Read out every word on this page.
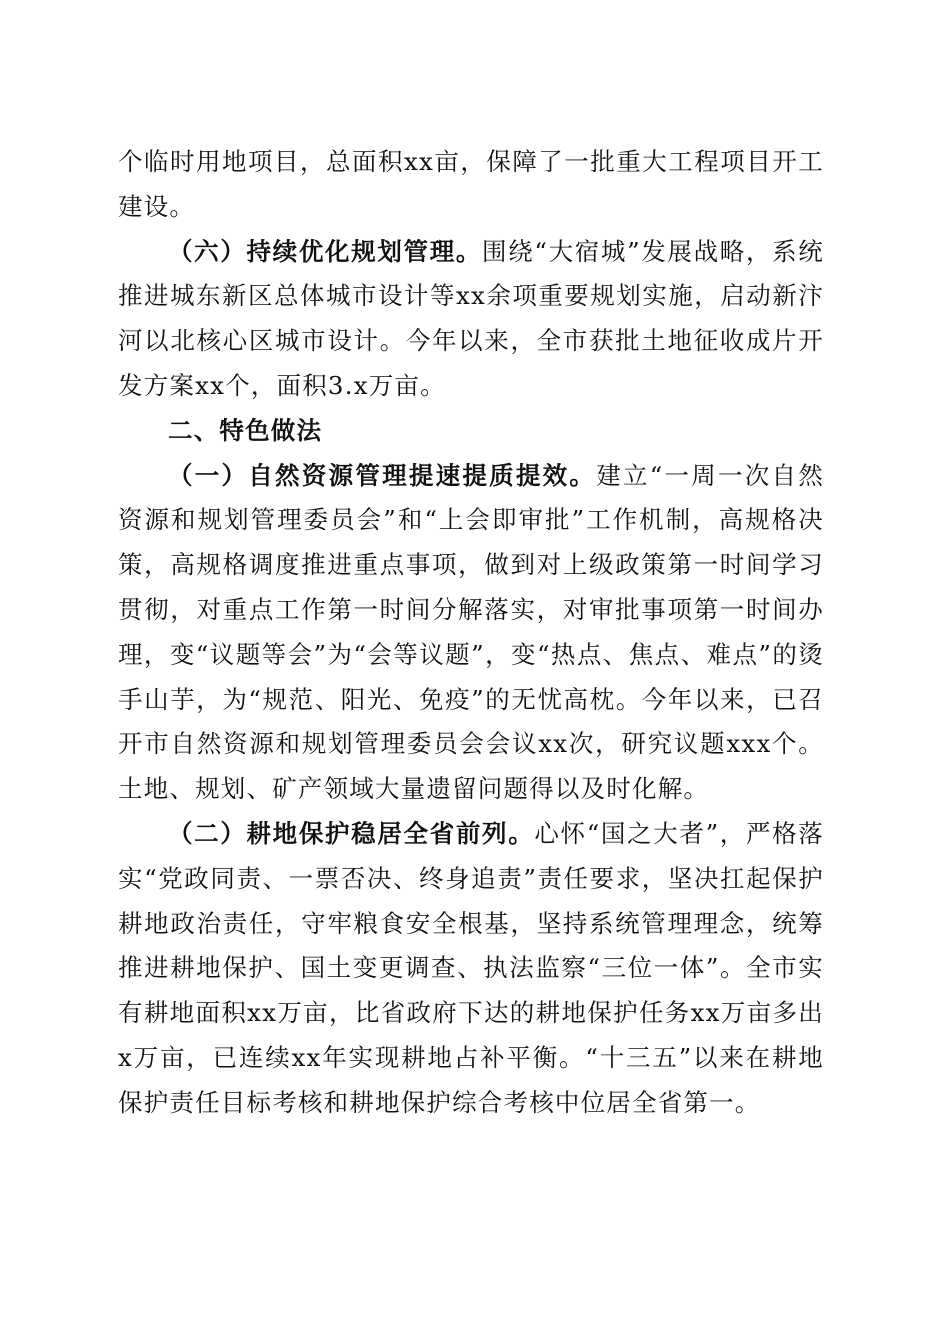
个临时用地项目，总面积xx亩，保障了一批重大工程项目开工建设。

（六）持续优化规划管理。围绕“大宿城”发展战略，系统推进城东新区总体城市设计等xx余项重要规划实施，启动新汴河以北核心区城市设计。今年以来，全市获批土地征收成片开发方案xx个，面积3.x万亩。

二、特色做法

（一）自然资源管理提速提质提效。建立“一周一次自然资源和规划管理委员会”和“上会即审批”工作机制，高规格决策，高规格调度推进重点事项，做到对上级政策第一时间学习贯彻，对重点工作第一时间分解落实，对审批事项第一时间办理，变“议题等会”为“会等议题”，变“热点、焦点、难点”的烫手山芋，为“规范、阳光、免疫”的无忧高枕。今年以来，已召开市自然资源和规划管理委员会会议xx次，研究议题xxx个。土地、规划、矿产领域大量遗留问题得以及时化解。

（二）耕地保护稳居全省前列。心怀“国之大者”，严格落实“党政同责、一票否决、终身追责”责任要求，坚决扛起保护耕地政治责任，守牢粮食安全根基，坚持系统管理理念，统筹推进耕地保护、国土变更调查、执法监察“三位一体”。全市实有耕地面积xx万亩，比省政府下达的耕地保护任务xx万亩多出x万亩，已连续xx年实现耕地占补平衡。“十三五”以来在耕地保护责任目标考核和耕地保护综合考核中位居全省第一。
